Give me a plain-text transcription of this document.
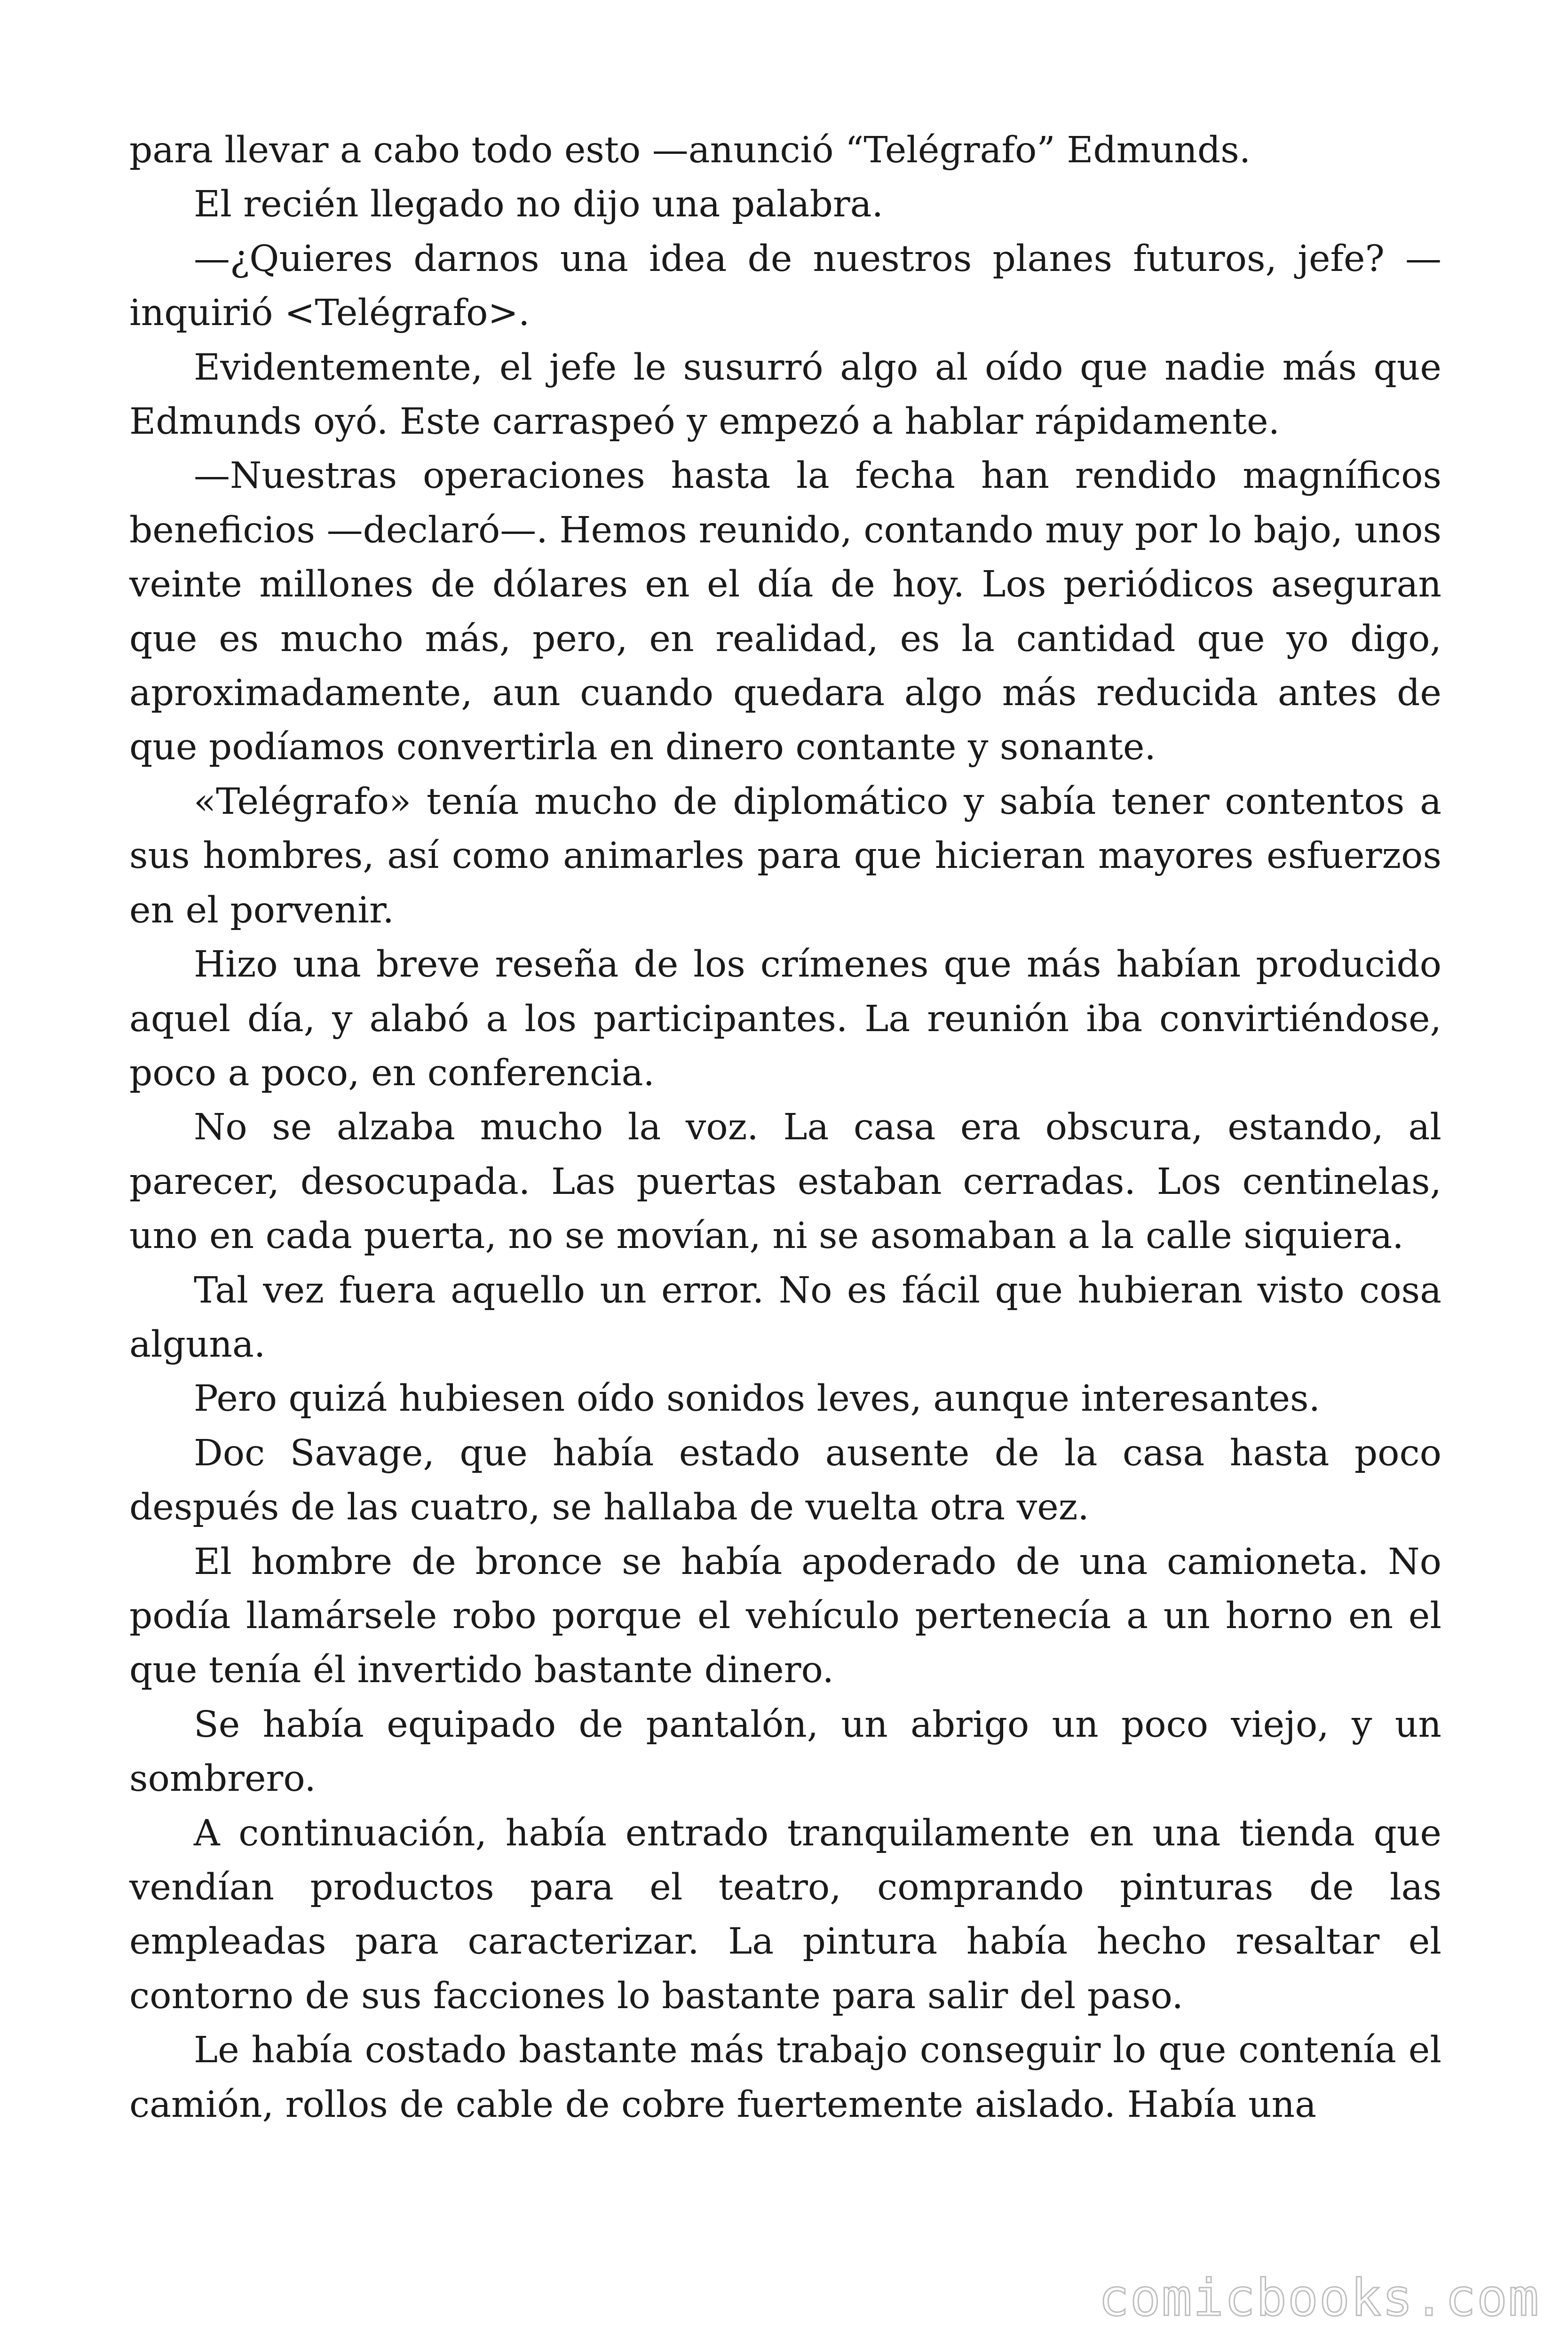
para llevar a cabo todo esto —anunció “Telégrafo” Edmunds.

El recién llegado no dijo una palabra.

—¿Quieres darnos una idea de nuestros planes futuros, jefe? —inquirió <Telégrafo>.

Evidentemente, el jefe le susurró algo al oído que nadie más que Edmunds oyó. Este carraspeó y empezó a hablar rápidamente.

—Nuestras operaciones hasta la fecha han rendido magníficos beneficios —declaró—. Hemos reunido, contando muy por lo bajo, unos veinte millones de dólares en el día de hoy. Los periódicos aseguran que es mucho más, pero, en realidad, es la cantidad que yo digo, aproximadamente, aun cuando quedara algo más reducida antes de que podíamos convertirla en dinero contante y sonante.

«Telégrafo» tenía mucho de diplomático y sabía tener contentos a sus hombres, así como animarles para que hicieran mayores esfuerzos en el porvenir.

Hizo una breve reseña de los crímenes que más habían producido aquel día, y alabó a los participantes. La reunión iba convirtiéndose, poco a poco, en conferencia.

No se alzaba mucho la voz. La casa era obscura, estando, al parecer, desocupada. Las puertas estaban cerradas. Los centinelas, uno en cada puerta, no se movían, ni se asomaban a la calle siquiera.

Tal vez fuera aquello un error. No es fácil que hubieran visto cosa alguna.

Pero quizá hubiesen oído sonidos leves, aunque interesantes.

Doc Savage, que había estado ausente de la casa hasta poco después de las cuatro, se hallaba de vuelta otra vez.

El hombre de bronce se había apoderado de una camioneta. No podía llamársele robo porque el vehículo pertenecía a un horno en el que tenía él invertido bastante dinero.

Se había equipado de pantalón, un abrigo un poco viejo, y un sombrero.

A continuación, había entrado tranquilamente en una tienda que vendían productos para el teatro, comprando pinturas de las empleadas para caracterizar. La pintura había hecho resaltar el contorno de sus facciones lo bastante para salir del paso.

Le había costado bastante más trabajo conseguir lo que contenía el camión, rollos de cable de cobre fuertemente aislado. Había una

comicbooks.com
